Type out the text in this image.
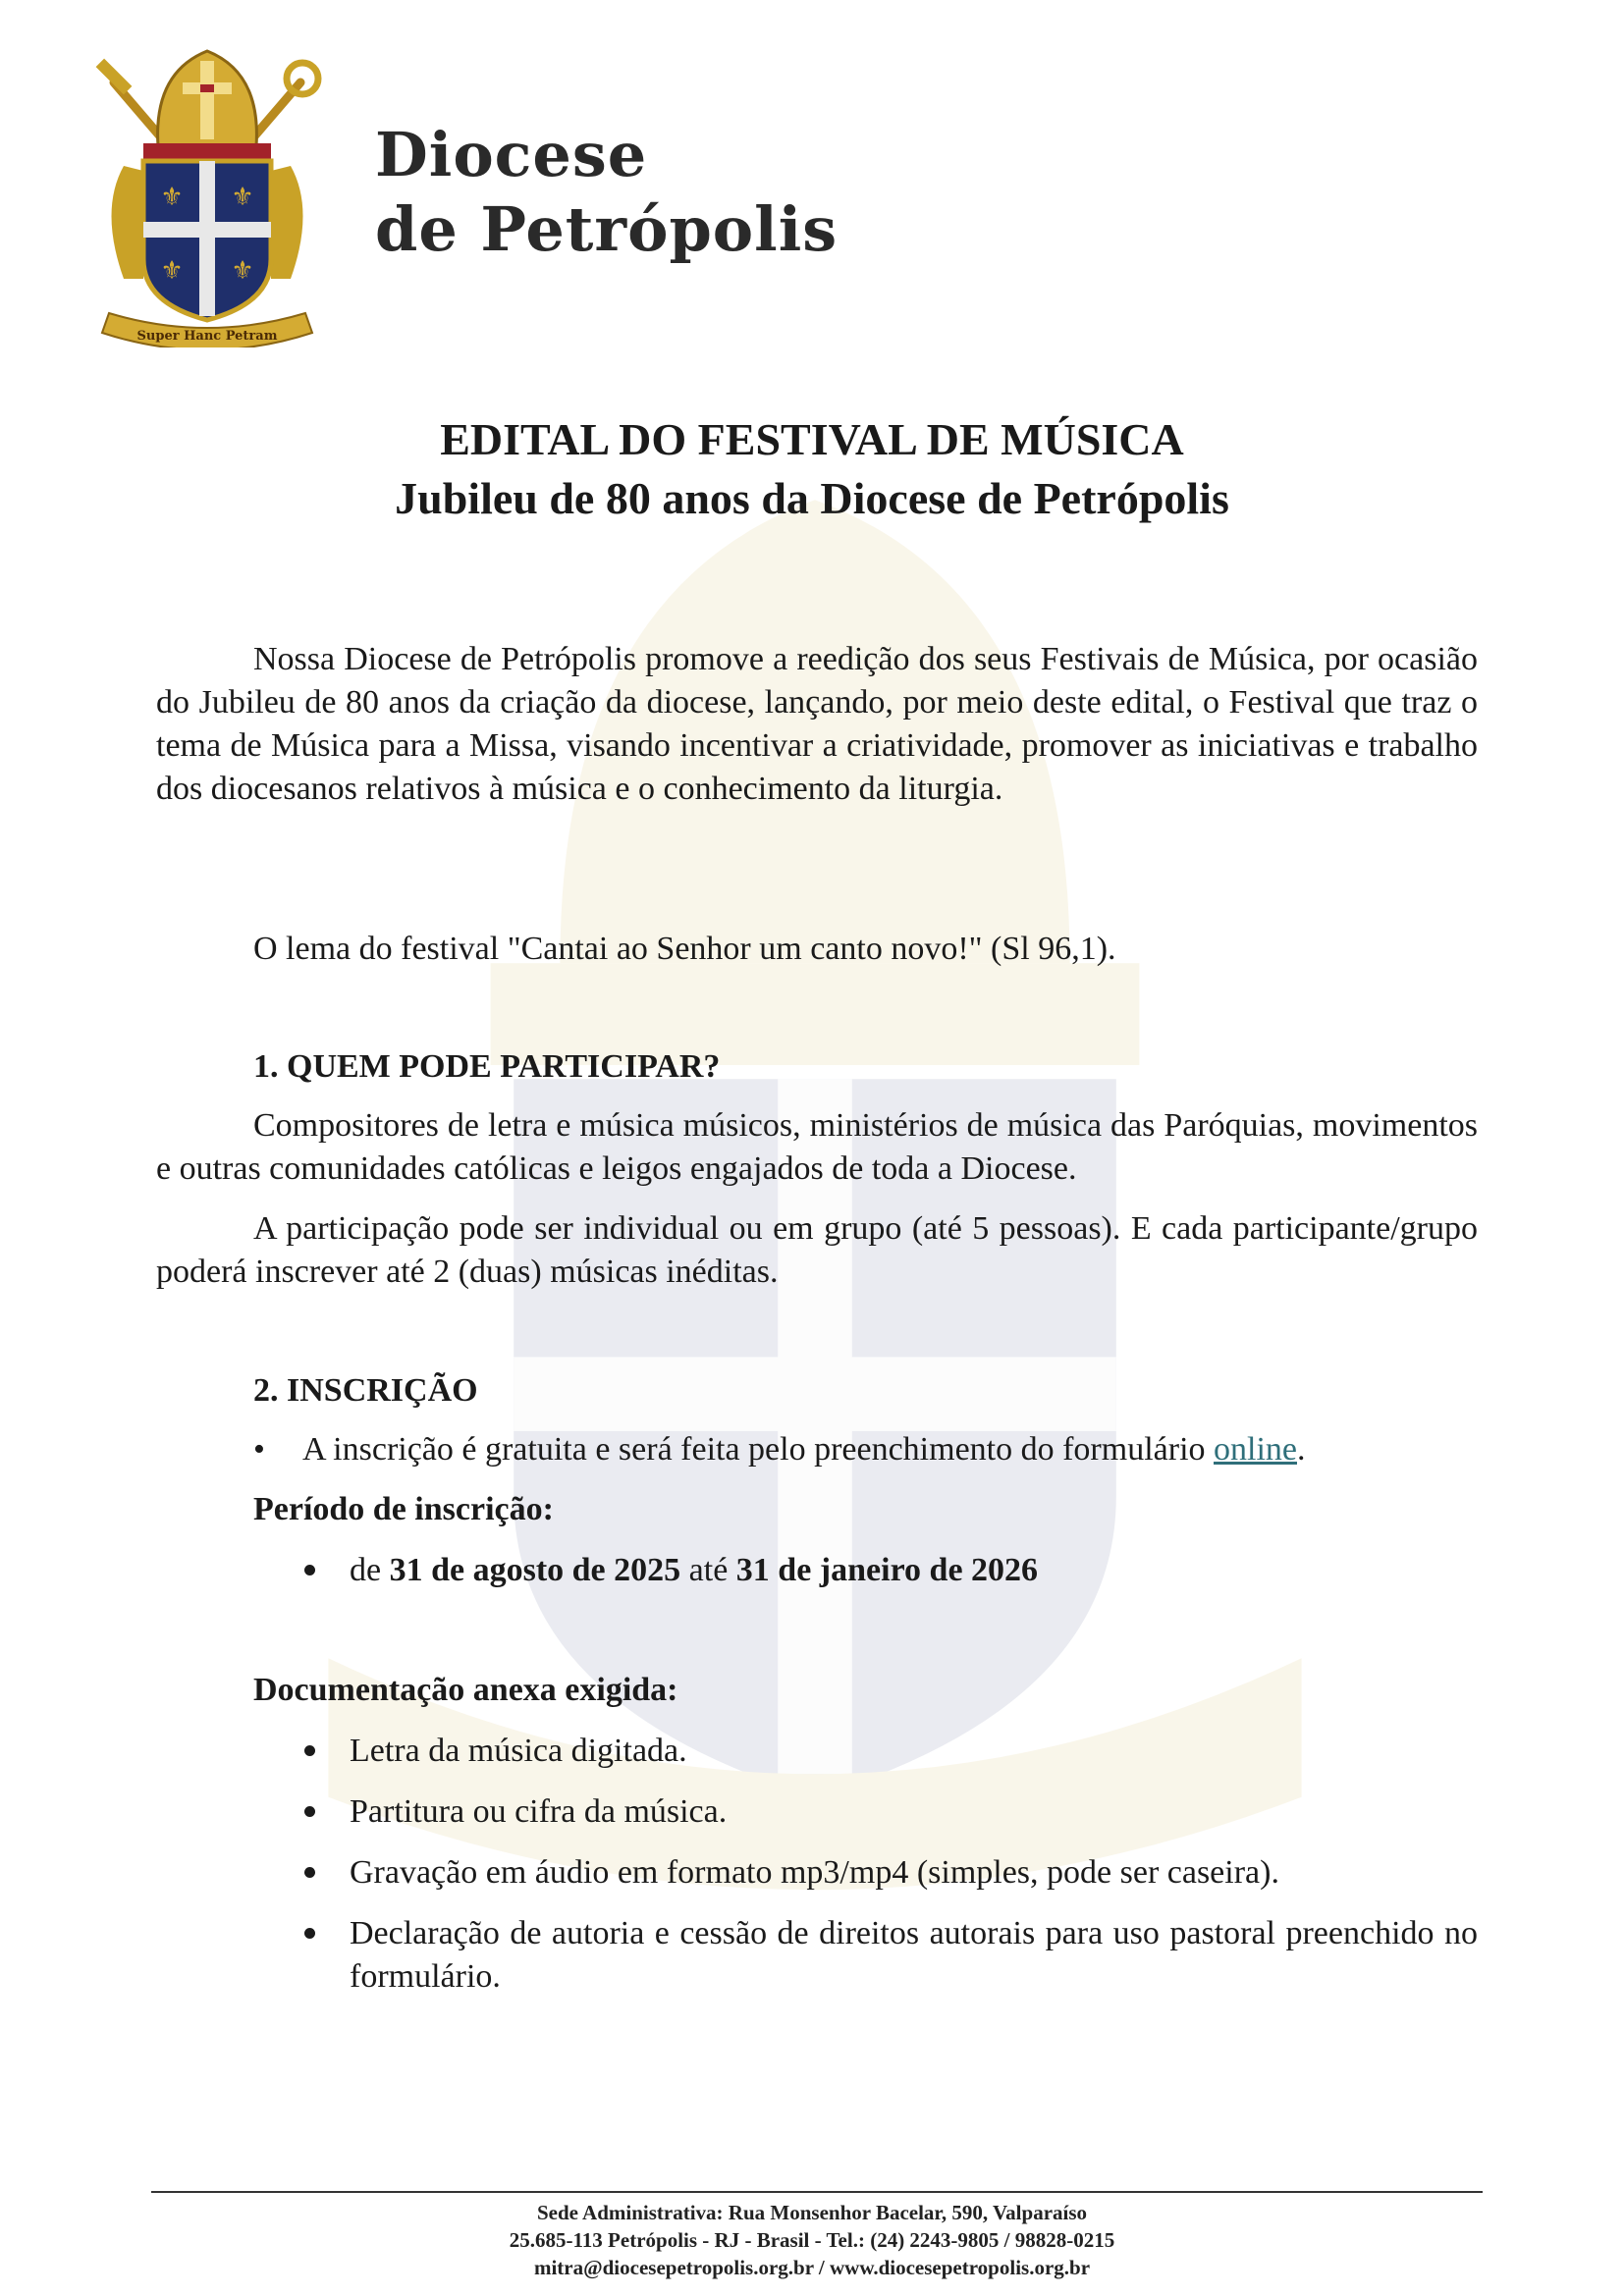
⚜ ⚜
⚜ ⚜
Super Hanc Petram
Diocese
de Petrópolis
EDITAL DO FESTIVAL DE MÚSICA
Jubileu de 80 anos da Diocese de Petrópolis

Nossa Diocese de Petrópolis promove a reedição dos seus Festivais de Música, por ocasião do Jubileu de 80 anos da criação da diocese, lançando, por meio deste edital, o Festival que traz o tema de Música para a Missa, visando incentivar a criatividade, promover as iniciativas e trabalho dos diocesanos relativos à música e o conhecimento da liturgia.

O lema do festival "Cantai ao Senhor um canto novo!" (Sl 96,1).

1. QUEM PODE PARTICIPAR?

Compositores de letra e música músicos, ministérios de música das Paróquias, movimentos e outras comunidades católicas e leigos engajados de toda a Diocese.

A participação pode ser individual ou em grupo (até 5 pessoas). E cada participante/grupo poderá inscrever até 2 (duas) músicas inéditas.

2. INSCRIÇÃO
• A inscrição é gratuita e será feita pelo preenchimento do formulário online.
Período de inscrição:
de 31 de agosto de 2025 até 31 de janeiro de 2026
Documentação anexa exigida:
Letra da música digitada.
Partitura ou cifra da música.
Gravação em áudio em formato mp3/mp4 (simples, pode ser caseira).
Declaração de autoria e cessão de direitos autorais para uso pastoral preenchido no formulário.
Sede Administrativa: Rua Monsenhor Bacelar, 590, Valparaíso
25.685-113 Petrópolis - RJ - Brasil - Tel.: (24) 2243-9805 / 98828-0215
mitra@diocesepetropolis.org.br / www.diocesepetropolis.org.br
